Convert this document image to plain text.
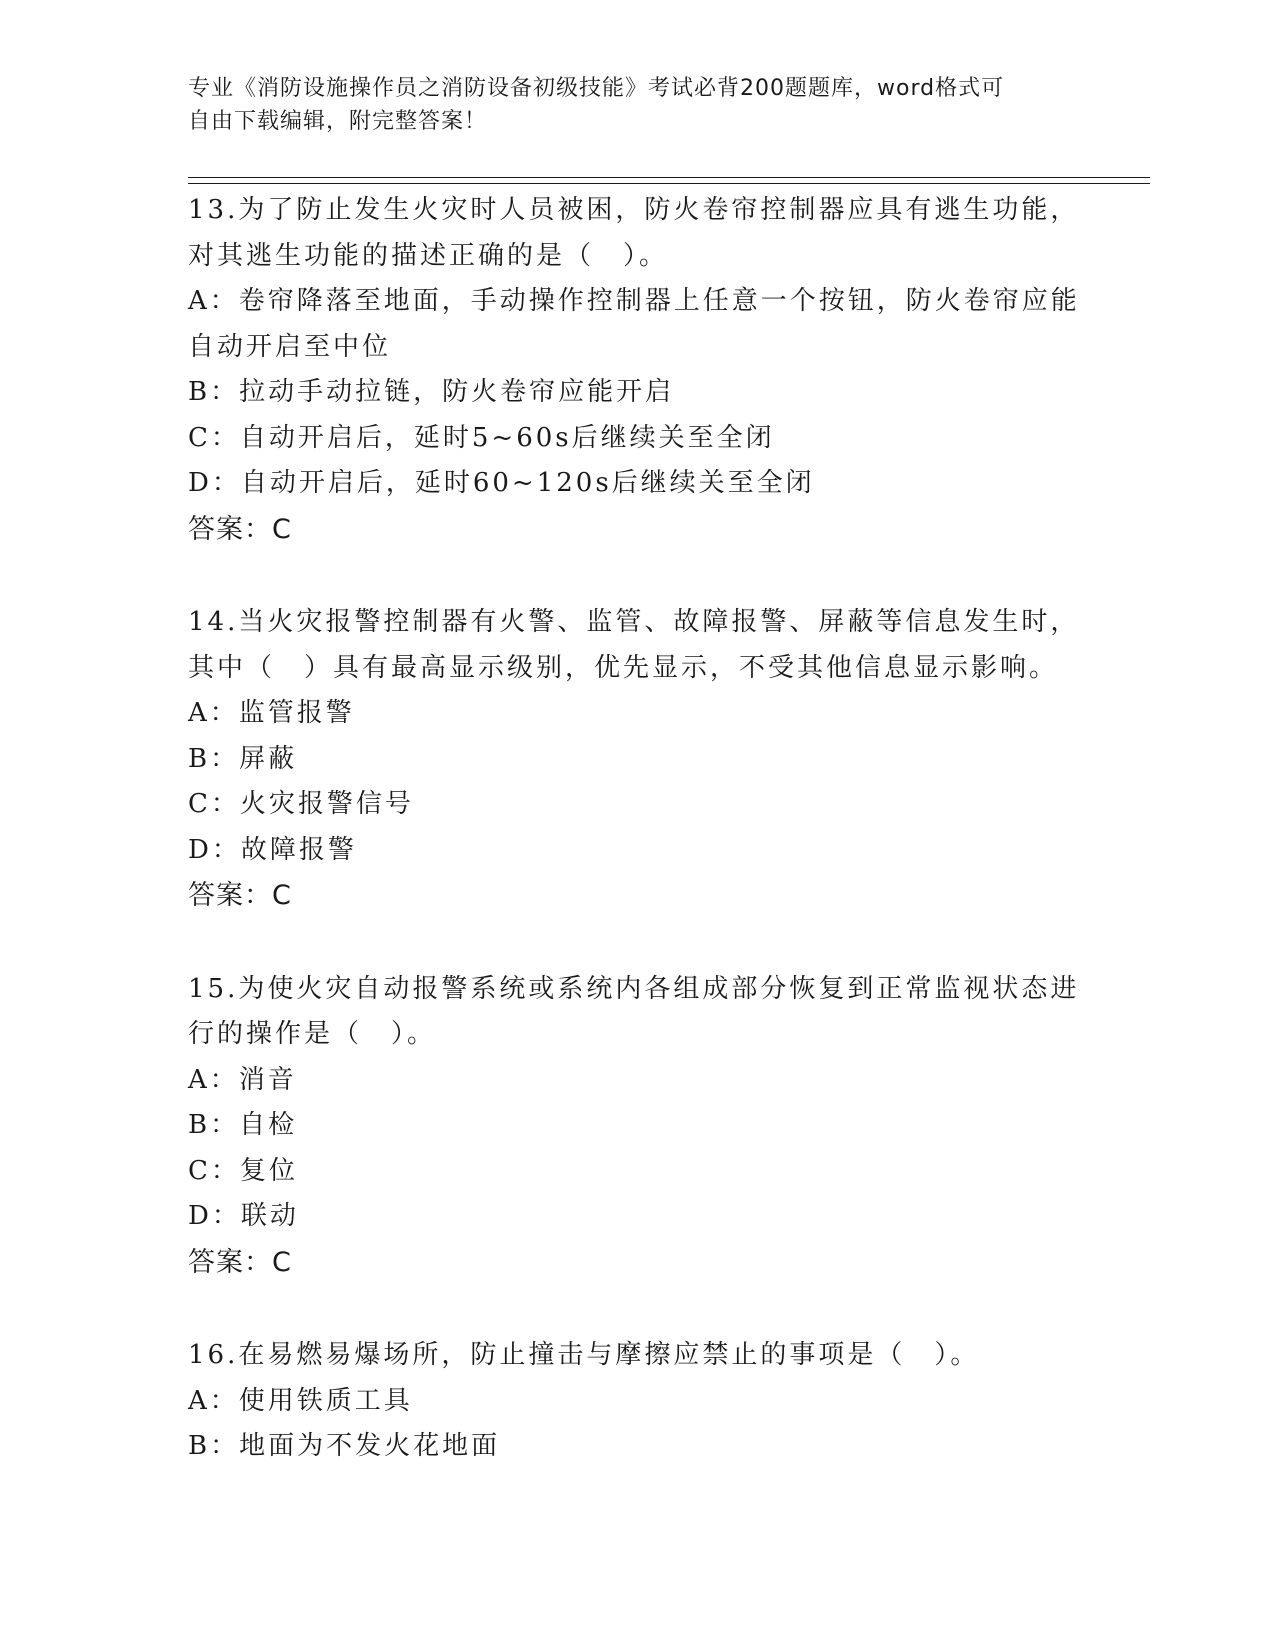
专业《消防设施操作员之消防设备初级技能》考试必背200题题库，word格式可
自由下载编辑，附完整答案！
13.为了防止发生火灾时人员被困，防火卷帘控制器应具有逃生功能，
对其逃生功能的描述正确的是（　）。
A：卷帘降落至地面，手动操作控制器上任意一个按钮，防火卷帘应能
自动开启至中位
B：拉动手动拉链，防火卷帘应能开启
C：自动开启后，延时5~60s后继续关至全闭
D：自动开启后，延时60~120s后继续关至全闭
答案：C
14.当火灾报警控制器有火警、监管、故障报警、屏蔽等信息发生时，
其中（　）具有最高显示级别，优先显示，不受其他信息显示影响。
A：监管报警
B：屏蔽
C：火灾报警信号
D：故障报警
答案：C
15.为使火灾自动报警系统或系统内各组成部分恢复到正常监视状态进
行的操作是（　）。
A：消音
B：自检
C：复位
D：联动
答案：C
16.在易燃易爆场所，防止撞击与摩擦应禁止的事项是（　）。
A：使用铁质工具
B：地面为不发火花地面
